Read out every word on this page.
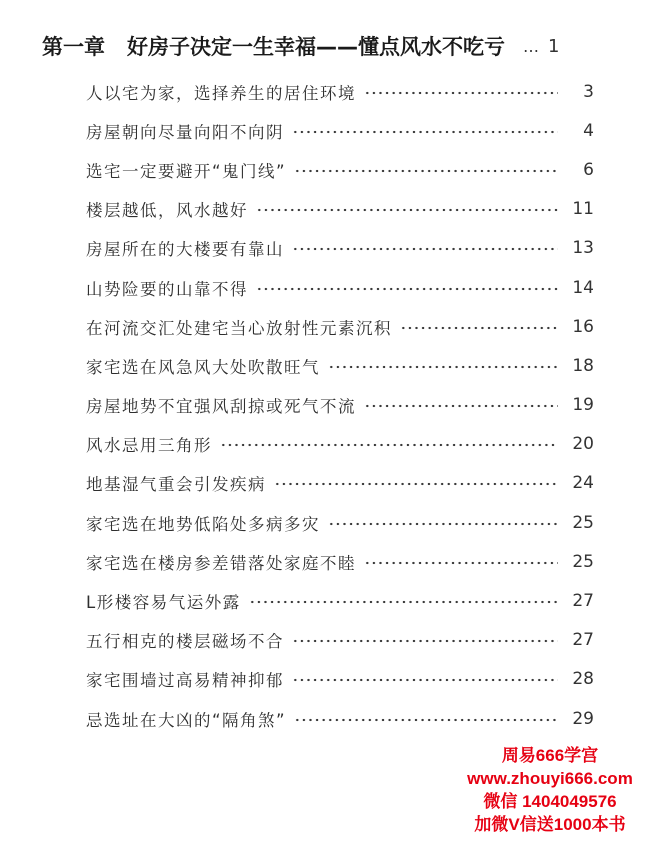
第一章 好房子决定一生幸福——懂点风水不吃亏 … 1
人以宅为家，选择养生的居住环境	3
房屋朝向尽量向阳不向阴	4
选宅一定要避开“鬼门线”	6
楼层越低，风水越好	11
房屋所在的大楼要有靠山	13
山势险要的山靠不得	14
在河流交汇处建宅当心放射性元素沉积	16
家宅选在风急风大处吹散旺气	18
房屋地势不宜强风刮掠或死气不流	19
风水忌用三角形	20
地基湿气重会引发疾病	24
家宅选在地势低陷处多病多灾	25
家宅选在楼房参差错落处家庭不睦	25
L形楼容易气运外露	27
五行相克的楼层磁场不合	27
家宅围墙过高易精神抑郁	28
忌选址在大凶的“隔角煞”	29
周易666学宫
www.zhouyi666.com
微信 1404049576
加微V信送1000本书
